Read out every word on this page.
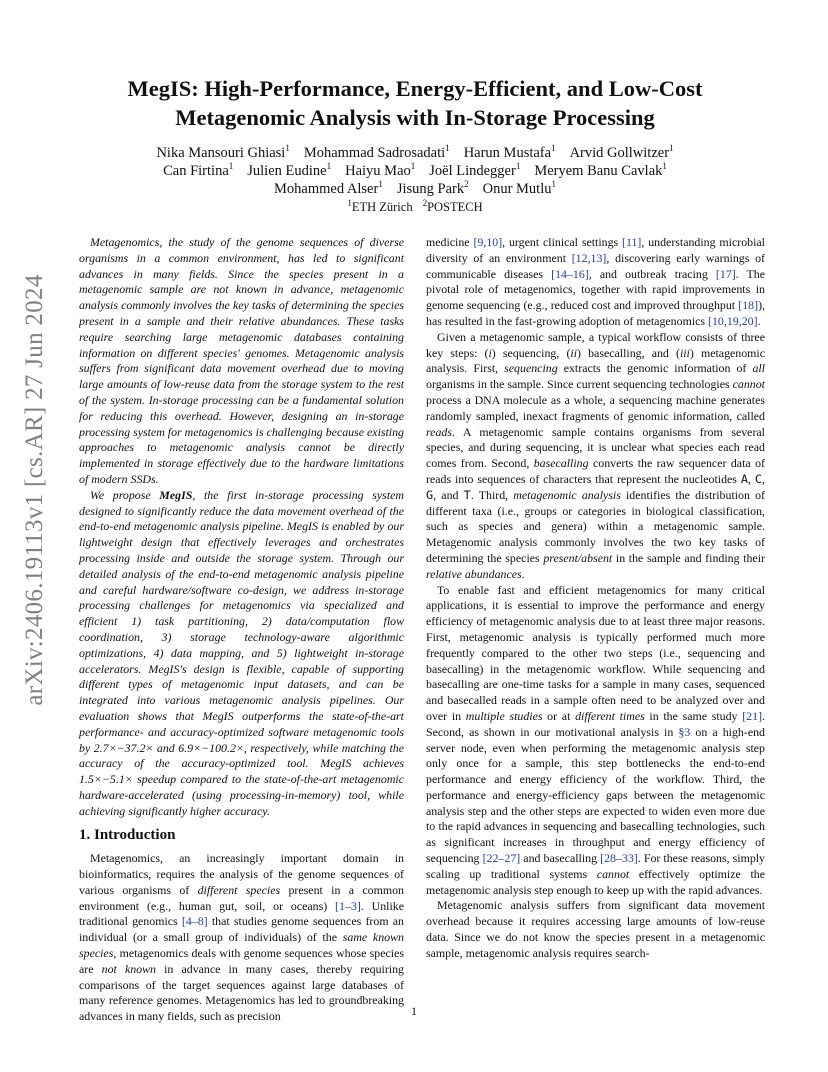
arXiv:2406.19113v1 [cs.AR] 27 Jun 2024
MegIS: High-Performance, Energy-Efficient, and Low-Cost
Metagenomic Analysis with In-Storage Processing
Nika Mansouri Ghiasi$^1$ Mohammad Sadrosadati$^1$ Harun Mustafa$^1$ Arvid Gollwitzer$^1$
Can Firtina$^1$ Julien Eudine$^1$ Haiyu Mao$^1$ Joël Lindegger$^1$ Meryem Banu Cavlak$^1$
Mohammed Alser$^1$ Jisung Park$^2$ Onur Mutlu$^1$
$^1$ETH Zürich $^2$POSTECH

Metagenomics, the study of the genome sequences of diverse organisms in a common environment, has led to significant advances in many fields. Since the species present in a metagenomic sample are not known in advance, metagenomic analysis commonly involves the key tasks of determining the species present in a sample and their relative abundances. These tasks require searching large metagenomic databases containing information on different species' genomes. Metagenomic analysis suffers from significant data movement overhead due to moving large amounts of low-reuse data from the storage system to the rest of the system. In-storage processing can be a fundamental solution for reducing this overhead. However, designing an in-storage processing system for metagenomics is challenging because existing approaches to metagenomic analysis cannot be directly implemented in storage effectively due to the hardware limitations of modern SSDs.

We propose MegIS, the first in-storage processing system designed to significantly reduce the data movement overhead of the end-to-end metagenomic analysis pipeline. MegIS is enabled by our lightweight design that effectively leverages and orchestrates processing inside and outside the storage system. Through our detailed analysis of the end-to-end metagenomic analysis pipeline and careful hardware/software co-design, we address in-storage processing challenges for metagenomics via specialized and efficient 1) task partitioning, 2) data/computation flow coordination, 3) storage technology-aware algorithmic optimizations, 4) data mapping, and 5) lightweight in-storage accelerators. MegIS's design is flexible, capable of supporting different types of metagenomic input datasets, and can be integrated into various metagenomic analysis pipelines. Our evaluation shows that MegIS outperforms the state-of-the-art performance- and accuracy-optimized software metagenomic tools by 2.7×−37.2× and 6.9×−100.2×, respectively, while matching the accuracy of the accuracy-optimized tool. MegIS achieves 1.5×−5.1× speedup compared to the state-of-the-art metagenomic hardware-accelerated (using processing-in-memory) tool, while achieving significantly higher accuracy.

1. Introduction

Metagenomics, an increasingly important domain in bioinformatics, requires the analysis of the genome sequences of various organisms of different species present in a common environment (e.g., human gut, soil, or oceans) [1–3]. Unlike traditional genomics [4–8] that studies genome sequences from an individual (or a small group of individuals) of the same known species, metagenomics deals with genome sequences whose species are not known in advance in many cases, thereby requiring comparisons of the target sequences against large databases of many reference genomes. Metagenomics has led to groundbreaking advances in many fields, such as precision

medicine [9,10], urgent clinical settings [11], understanding microbial diversity of an environment [12,13], discovering early warnings of communicable diseases [14–16], and outbreak tracing [17]. The pivotal role of metagenomics, together with rapid improvements in genome sequencing (e.g., reduced cost and improved throughput [18]), has resulted in the fast-growing adoption of metagenomics [10,19,20].

Given a metagenomic sample, a typical workflow consists of three key steps: (i) sequencing, (ii) basecalling, and (iii) metagenomic analysis. First, sequencing extracts the genomic information of all organisms in the sample. Since current sequencing technologies cannot process a DNA molecule as a whole, a sequencing machine generates randomly sampled, inexact fragments of genomic information, called reads. A metagenomic sample contains organisms from several species, and during sequencing, it is unclear what species each read comes from. Second, basecalling converts the raw sequencer data of reads into sequences of characters that represent the nucleotides A, C, G, and T. Third, metagenomic analysis identifies the distribution of different taxa (i.e., groups or categories in biological classification, such as species and genera) within a metagenomic sample. Metagenomic analysis commonly involves the two key tasks of determining the species present/absent in the sample and finding their relative abundances.

To enable fast and efficient metagenomics for many critical applications, it is essential to improve the performance and energy efficiency of metagenomic analysis due to at least three major reasons. First, metagenomic analysis is typically performed much more frequently compared to the other two steps (i.e., sequencing and basecalling) in the metagenomic workflow. While sequencing and basecalling are one-time tasks for a sample in many cases, sequenced and basecalled reads in a sample often need to be analyzed over and over in multiple studies or at different times in the same study [21]. Second, as shown in our motivational analysis in §3 on a high-end server node, even when performing the metagenomic analysis step only once for a sample, this step bottlenecks the end-to-end performance and energy efficiency of the workflow. Third, the performance and energy-efficiency gaps between the metagenomic analysis step and the other steps are expected to widen even more due to the rapid advances in sequencing and basecalling technologies, such as significant increases in throughput and energy efficiency of sequencing [22–27] and basecalling [28–33]. For these reasons, simply scaling up traditional systems cannot effectively optimize the metagenomic analysis step enough to keep up with the rapid advances.

Metagenomic analysis suffers from significant data movement overhead because it requires accessing large amounts of low-reuse data. Since we do not know the species present in a metagenomic sample, metagenomic analysis requires search-

1
